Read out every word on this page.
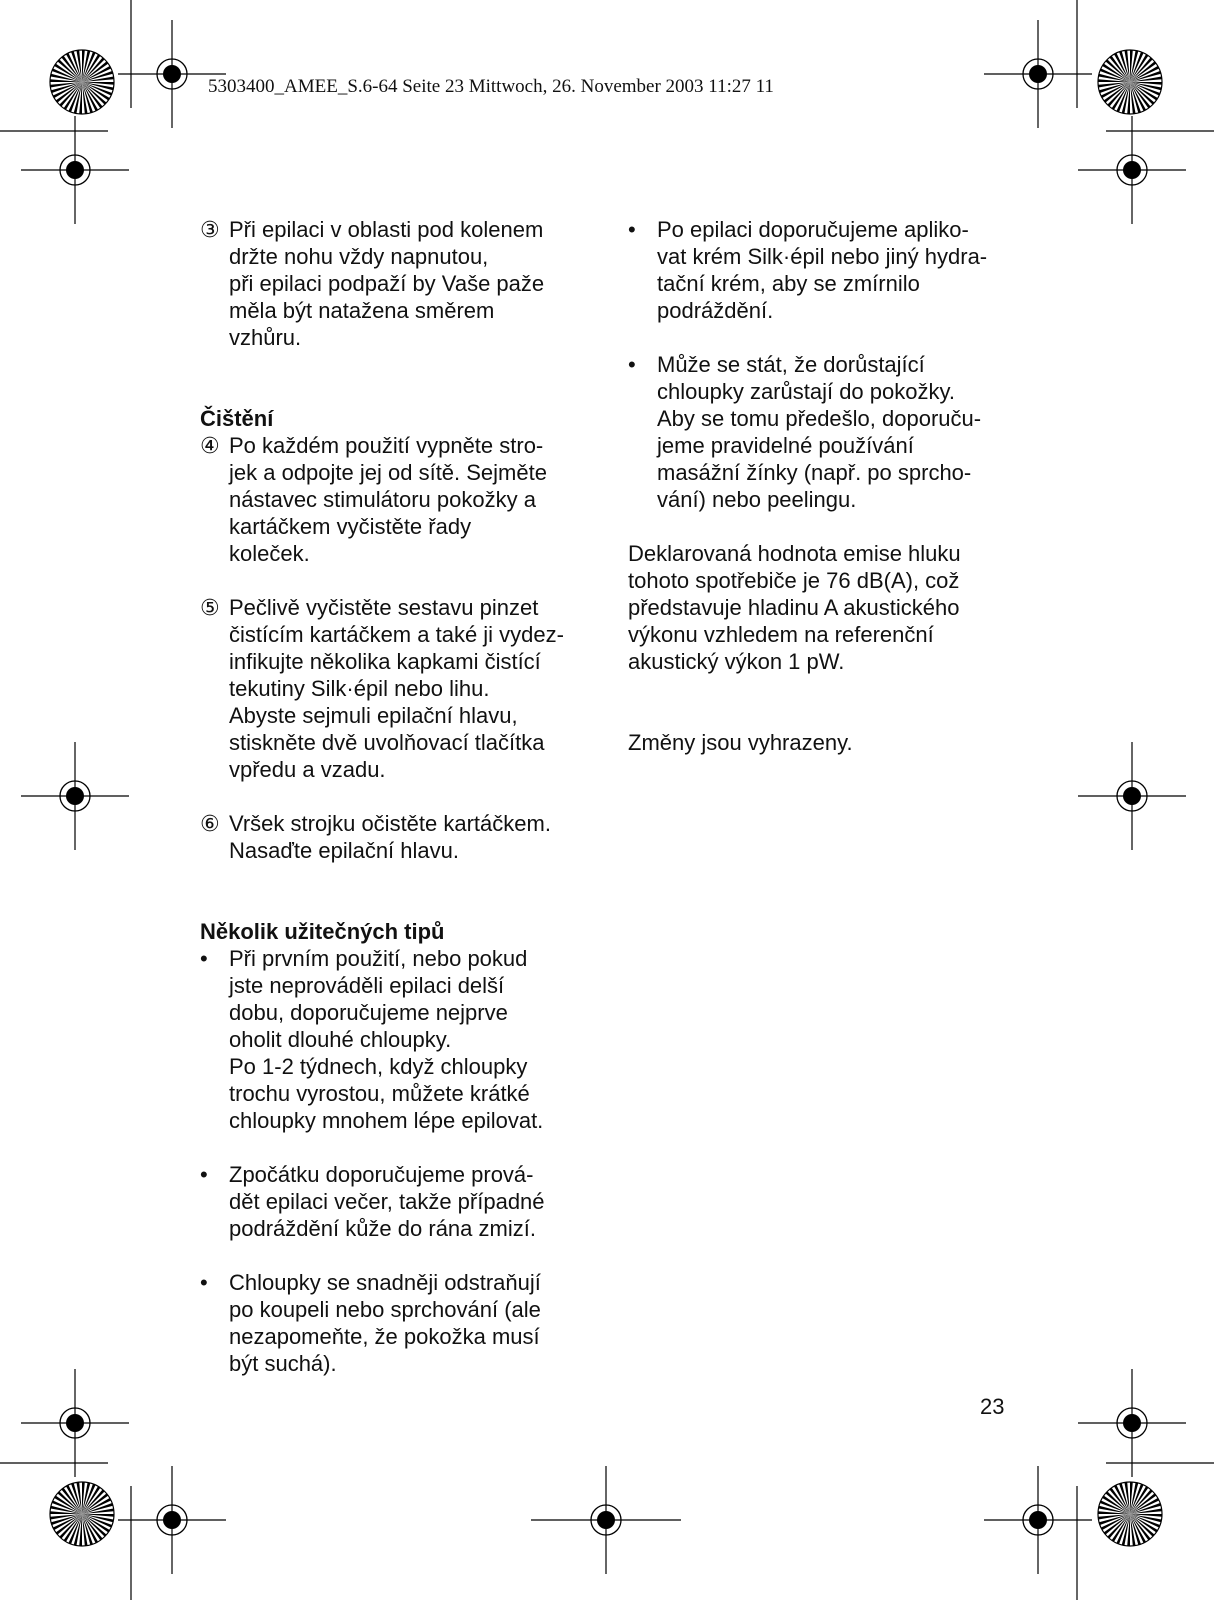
5303400_AMEE_S.6-64 Seite 23 Mittwoch, 26. November 2003 11:27 11
③ Při epilaci v oblasti pod kolenem
držte nohu vždy napnutou,
při epilaci podpaží by Vaše paže
měla být natažena směrem
vzhůru.
Čištění
④ Po každém použití vypněte stro-
jek a odpojte jej od sítě. Sejměte
nástavec stimulátoru pokožky a
kartáčkem vyčistěte řady
koleček.
⑤ Pečlivě vyčistěte sestavu pinzet
čistícím kartáčkem a také ji vydez-
infikujte několika kapkami čistící
tekutiny Silk·épil nebo lihu.
Abyste sejmuli epilační hlavu,
stiskněte dvě uvolňovací tlačítka
vpředu a vzadu.
⑥ Vršek strojku očistěte kartáčkem.
Nasaďte epilační hlavu.
Několik užitečných tipů
• Při prvním použití, nebo pokud
jste neprováděli epilaci delší
dobu, doporučujeme nejprve
oholit dlouhé chloupky.
Po 1-2 týdnech, když chloupky
trochu vyrostou, můžete krátké
chloupky mnohem lépe epilovat.
• Zpočátku doporučujeme prová-
dět epilaci večer, takže případné
podráždění kůže do rána zmizí.
• Chloupky se snadněji odstraňují
po koupeli nebo sprchování (ale
nezapomeňte, že pokožka musí
být suchá).
• Po epilaci doporučujeme apliko-
vat krém Silk·épil nebo jiný hydra-
tační krém, aby se zmírnilo
podráždění.
• Může se stát, že dorůstající
chloupky zarůstají do pokožky.
Aby se tomu předešlo, doporuču-
jeme pravidelné používání
masážní žínky (např. po sprcho-
vání) nebo peelingu.
Deklarovaná hodnota emise hluku
tohoto spotřebiče je 76 dB(A), což
představuje hladinu A akustického
výkonu vzhledem na referenční
akustický výkon 1 pW.
Změny jsou vyhrazeny.
23
